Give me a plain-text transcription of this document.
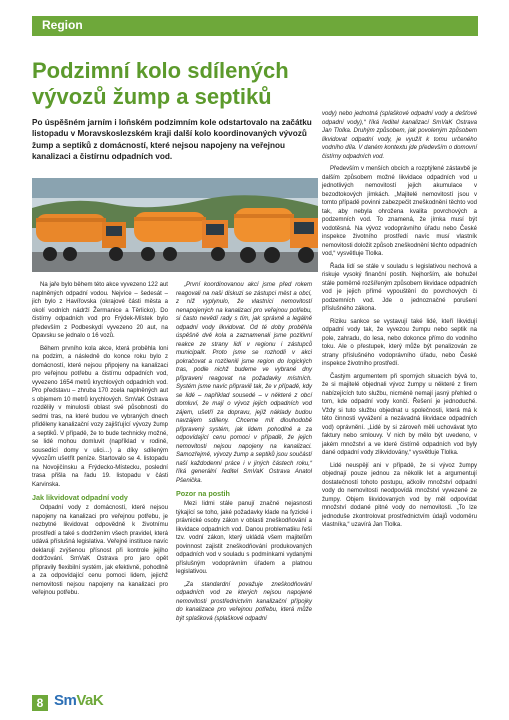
Region
Podzimní kolo sdílených vývozů žump a septiků

Po úspěšném jarním i loňském podzimním kole odstartovalo na začátku listopadu v Moravskoslezském kraji další kolo koordinovaných vývozů žump a septiků z domácností, které nejsou napojeny na veřejnou kanalizaci a čistírnu odpadních vod.

Na jaře bylo během této akce vyvezeno 122 aut naplněných odpadní vodou. Nejvíce – šedesát – jich bylo z Havířovska (okrajové části města a okolí vodních nádrží Žermanice a Těrlicko). Do čistírny odpadních vod pro Frýdek-Místek bylo především z Podbeskydí vyvezeno 20 aut, na Opavsku se jednalo o 16 vozů.

Během prvního kola akce, která proběhla loni na podzim, a následně do konce roku bylo z domácností, které nejsou připojeny na kanalizaci pro veřejnou potřebu a čistírnu odpadních vod, vyvezeno 1654 metrů krychlových odpadních vod. Pro představu – zhruba 170 zcela naplněných aut s objemem 10 metrů krychlových. SmVaK Ostrava rozdělily v minulosti oblast své působnosti do sedmi tras, na které budou ve vybraných dnech přiděleny kanalizační vozy zajišťující vývozy žump a septiků. V případě, že to bude technicky možné, se lidé mohou domluvit (například v rodině, sousedící domy v ulici…) a díky sdíleným vývozům ušetřit peníze. Startovalo se 4. listopadu na Novojičínsku a Frýdecko-Místecku, poslední trasa přišla na řadu 19. listopadu v části Karvinska.

Jak likvidovat odpadní vody

Odpadní vody z domácností, které nejsou napojeny na kanalizaci pro veřejnou potřebu, je nezbytné likvidovat odpovědně k životnímu prostředí a také s dodržením všech pravidel, která udává příslušná legislativa. Veřejné instituce navíc deklarují zvýšenou přísnost při kontrole jejího dodržování. SmVaK Ostrava pro jaro opět připravily flexibilní systém, jak efektivně, pohodlně a za odpovídající cenu pomoci lidem, jejichž nemovitosti nejsou napojeny na kanalizaci pro veřejnou potřebu.

„První koordinovanou akcí jsme před rokem reagovali na naši diskuzi se zástupci měst a obcí, z níž vyplynulo, že vlastníci nemovitostí nenapojených na kanalizaci pro veřejnou potřebu, si často nevědí rady s tím, jak správně a legálně odpadní vody likvidovat. Od té doby proběhla úspěšně dvě kola a zaznamenali jsme pozitivní reakce ze strany lidí v regionu i zástupců municipalit. Proto jsme se rozhodli v akci pokračovat a rozčlenili jsme region do logických tras, podle nichž budeme ve vybrané dny připraveni reagovat na požadavky místních. Systém jsme navíc připravili tak, že v případě, kdy se lidé – například sousedé – v některé z obcí domluví, že mají o vývoz jejich odpadních vod zájem, ušetří za dopravu, jejíž náklady budou navzájem sdíleny. Chceme mít dlouhodobě připravený systém, jak lidem pohodlně a za odpovídající cenu pomoci v případě, že jejich nemovitosti nejsou napojeny na kanalizaci. Samozřejmě, vývozy žump a septiků jsou součástí naší každodenní práce i v jiných částech roku,“ říká generální ředitel SmVaK Ostrava Anatol Pšenička.

Pozor na postih

Mezi lidmi stále panují značné nejasnosti týkající se toho, jaké požadavky klade na fyzické i právnické osoby zákon v oblasti zneškodňování a likvidace odpadních vod. Danou problematiku řeší tzv. vodní zákon, který ukládá všem majitelům povinnost zajistit zneškodňování produkovaných odpadních vod v souladu s podmínkami vydanými příslušným vodoprávním úřadem a platnou legislativou.

„Za standardní považuje zneškodňování odpadních vod ze kterých nejsou napojené nemovitosti prostřednictvím kanalizační přípojky do kanalizace pro veřejnou potřebu, která může být splašková (splaškové odpadní

vody) nebo jednotná (splaškové odpadní vody a dešťové odpadní vody),“ říká ředitel kanalizací SmVaK Ostrava Jan Tlolka. Druhým způsobem, jak povoleným způsobem likvidovat odpadní vody, je využít k tomu určeného vodního díla. V daném kontextu jde především o domovní čistírny odpadních vod.

Především v menších obcích a rozptýlené zástavbě je dalším způsobem možné likvidace odpadních vod u jednotlivých nemovitostí jejich akumulace v bezodtokových jímkách. „Majitelé nemovitostí jsou v tomto případě povinni zabezpečit zneškodnění těchto vod tak, aby nebyla ohrožena kvalita povrchových a podzemních vod. To znamená, že jímka musí být vodotěsná. Na vývoz vodoprávního úřadu nebo České inspekce životního prostředí navíc musí vlastník nemovitosti doložit způsob zneškodnění těchto odpadních vod,“ vysvětluje Tlolka.

Řada lidí se stále v souladu s legislativou nechová a riskuje vysoký finanční postih. Nejhorším, ale bohužel stále poměrně rozšířeným způsobem likvidace odpadních vod je jejich přímé vypouštění do povrchových či podzemních vod. Jde o jednoznačné porušení příslušného zákona.

Riziku sankce se vystavují také lidé, kteří likvidují odpadní vody tak, že vyvezou žumpu nebo septik na pole, zahradu, do lesa, nebo dokonce přímo do vodního toku. Ale o přestupek, který může být penalizován ze strany příslušného vodoprávního úřadu, nebo České inspekce životního prostředí.

Častým argumentem při sporných situacích bývá to, že si majitelé objednali vývoz žumpy u některé z firem nabízejících tuto službu, nicméně nemají jasný přehled o tom, kde odpadní vody končí. Řešení je jednoduché. Vždy si tuto službu objednat u společnosti, která má k této činnosti vyvážení a nezávadná likvidace odpadních vod) oprávnění. „Lidé by si zároveň měli uchovávat tyto faktury nebo smlouvy. V nich by mělo být uvedeno, v jakém množství a ve které čistírně odpadních vod byly dané odpadní vody zlikvidovány,“ vysvětluje Tlolka.

Lidé neuspějí ani v případě, že si vývoz žumpy objednají pouze jednou za několik let a argumentují dostatečností tohoto postupu, ačkoliv množství odpadní vody do nemovitosti neodpovídá množství vyvezené ze žumpy. Objem likvidovaných vod by měl odpovídat množství dodané pitné vody do nemovitosti. „To lze jednoduše zkontrolovat prostřednictvím údajů vodoměru vlastníka,“ uzavírá Jan Tlolka.

8 SmVaK
